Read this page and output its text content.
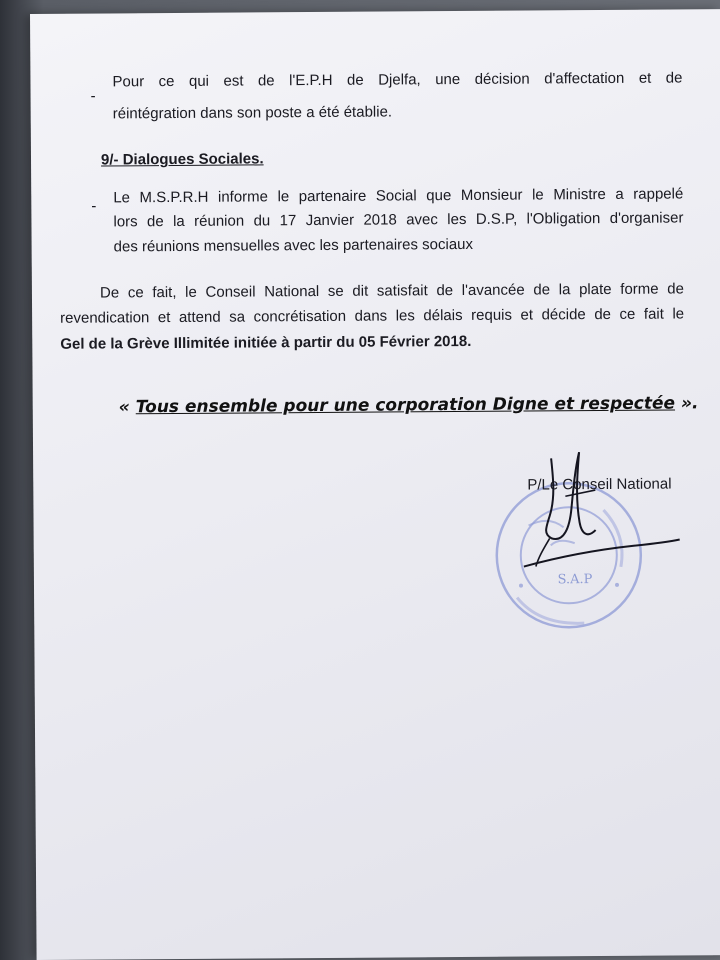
-
Pour ce qui est de l'E.P.H de Djelfa, une décision d'affectation et de
réintégration dans son poste a été établie.
9/- Dialogues Sociales.
- Le M.S.P.R.H informe le partenaire Social que Monsieur le Ministre a rappelé
lors de la réunion du 17 Janvier 2018 avec les D.S.P, l'Obligation d'organiser
des réunions mensuelles avec les partenaires sociaux
De ce fait, le Conseil National se dit satisfait de l'avancée de la plate forme de
revendication et attend sa concrétisation dans les délais requis et décide de ce fait le
Gel de la Grève Illimitée initiée à partir du 05 Février 2018.
« Tous ensemble pour une corporation Digne et respectée ».
S.A.P
P/Le Conseil National
